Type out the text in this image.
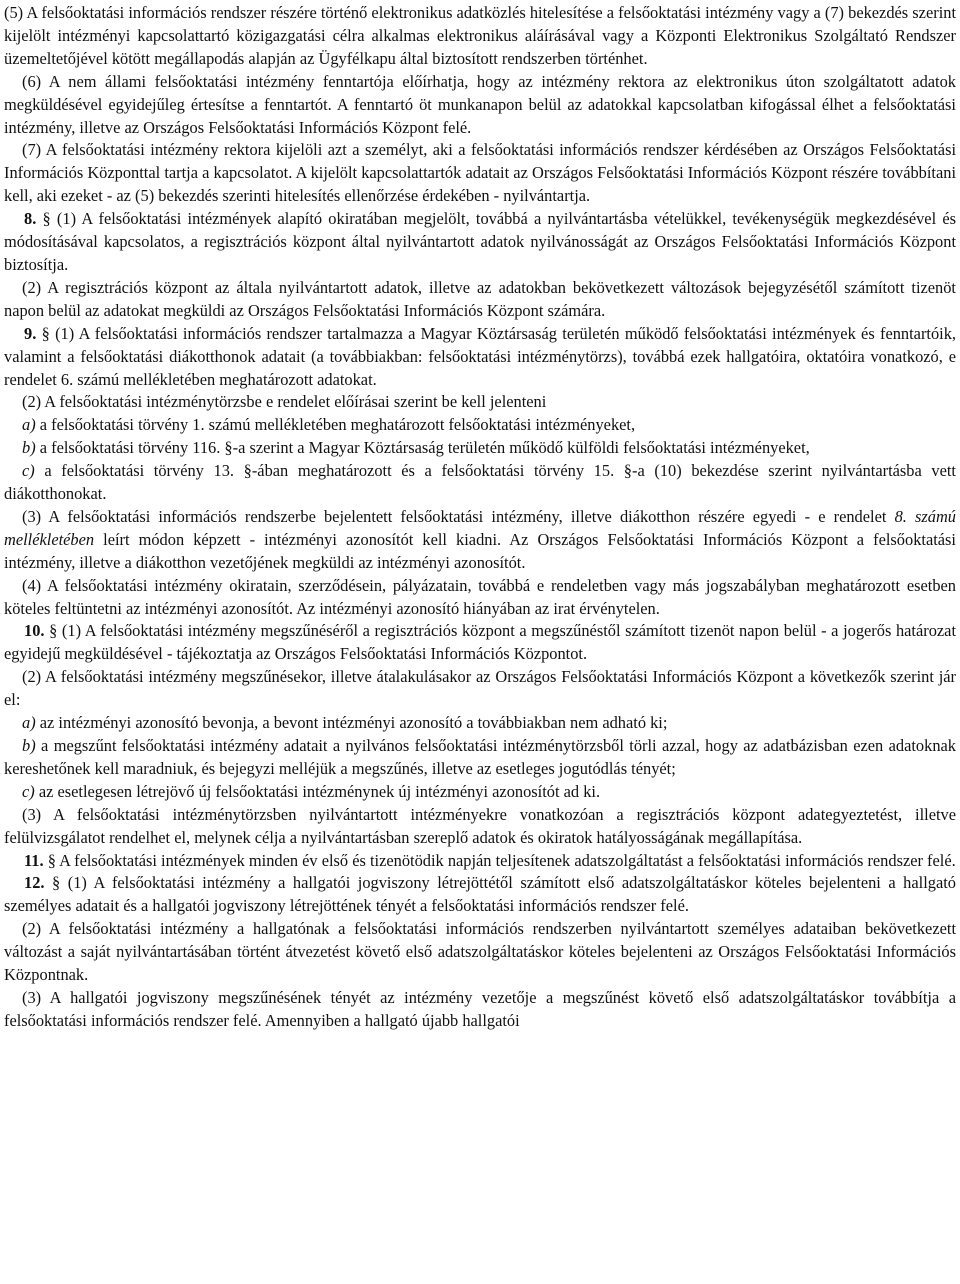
(5) A felsőoktatási információs rendszer részére történő elektronikus adatközlés hitelesítése a felsőoktatási intézmény vagy a (7) bekezdés szerint kijelölt intézményi kapcsolattartó közigazgatási célra alkalmas elektronikus aláírásával vagy a Központi Elektronikus Szolgáltató Rendszer üzemeltetőjével kötött megállapodás alapján az Ügyfélkapu által biztosított rendszerben történhet.

(6) A nem állami felsőoktatási intézmény fenntartója előírhatja, hogy az intézmény rektora az elektronikus úton szolgáltatott adatok megküldésével egyidejűleg értesítse a fenntartót. A fenntartó öt munkanapon belül az adatokkal kapcsolatban kifogással élhet a felsőoktatási intézmény, illetve az Országos Felsőoktatási Információs Központ felé.

(7) A felsőoktatási intézmény rektora kijelöli azt a személyt, aki a felsőoktatási információs rendszer kérdésében az Országos Felsőoktatási Információs Központtal tartja a kapcsolatot. A kijelölt kapcsolattartók adatait az Országos Felsőoktatási Információs Központ részére továbbítani kell, aki ezeket - az (5) bekezdés szerinti hitelesítés ellenőrzése érdekében - nyilvántartja.

8. § (1) A felsőoktatási intézmények alapító okiratában megjelölt, továbbá a nyilvántartásba vételükkel, tevékenységük megkezdésével és módosításával kapcsolatos, a regisztrációs központ által nyilvántartott adatok nyilvánosságát az Országos Felsőoktatási Információs Központ biztosítja.

(2) A regisztrációs központ az általa nyilvántartott adatok, illetve az adatokban bekövetkezett változások bejegyzésétől számított tizenöt napon belül az adatokat megküldi az Országos Felsőoktatási Információs Központ számára.

9. § (1) A felsőoktatási információs rendszer tartalmazza a Magyar Köztársaság területén működő felsőoktatási intézmények és fenntartóik, valamint a felsőoktatási diákotthonok adatait (a továbbiakban: felsőoktatási intézménytörzs), továbbá ezek hallgatóira, oktatóira vonatkozó, e rendelet 6. számú mellékletében meghatározott adatokat.

(2) A felsőoktatási intézménytörzsbe e rendelet előírásai szerint be kell jelenteni

a) a felsőoktatási törvény 1. számú mellékletében meghatározott felsőoktatási intézményeket,

b) a felsőoktatási törvény 116. §-a szerint a Magyar Köztársaság területén működő külföldi felsőoktatási intézményeket,

c) a felsőoktatási törvény 13. §-ában meghatározott és a felsőoktatási törvény 15. §-a (10) bekezdése szerint nyilvántartásba vett diákotthonokat.

(3) A felsőoktatási információs rendszerbe bejelentett felsőoktatási intézmény, illetve diákotthon részére egyedi - e rendelet 8. számú mellékletében leírt módon képzett - intézményi azonosítót kell kiadni. Az Országos Felsőoktatási Információs Központ a felsőoktatási intézmény, illetve a diákotthon vezetőjének megküldi az intézményi azonosítót.

(4) A felsőoktatási intézmény okiratain, szerződésein, pályázatain, továbbá e rendeletben vagy más jogszabályban meghatározott esetben köteles feltüntetni az intézményi azonosítót. Az intézményi azonosító hiányában az irat érvénytelen.

10. § (1) A felsőoktatási intézmény megszűnéséről a regisztrációs központ a megszűnéstől számított tizenöt napon belül - a jogerős határozat egyidejű megküldésével - tájékoztatja az Országos Felsőoktatási Információs Központot.

(2) A felsőoktatási intézmény megszűnésekor, illetve átalakulásakor az Országos Felsőoktatási Információs Központ a következők szerint jár el:

a) az intézményi azonosító bevonja, a bevont intézményi azonosító a továbbiakban nem adható ki;

b) a megszűnt felsőoktatási intézmény adatait a nyilvános felsőoktatási intézménytörzsből törli azzal, hogy az adatbázisban ezen adatoknak kereshetőnek kell maradniuk, és bejegyzi melléjük a megszűnés, illetve az esetleges jogutódlás tényét;

c) az esetlegesen létrejövő új felsőoktatási intézménynek új intézményi azonosítót ad ki.

(3) A felsőoktatási intézménytörzsben nyilvántartott intézményekre vonatkozóan a regisztrációs központ adategyeztetést, illetve felülvizsgálatot rendelhet el, melynek célja a nyilvántartásban szereplő adatok és okiratok hatályosságának megállapítása.

11. § A felsőoktatási intézmények minden év első és tizenötödik napján teljesítenek adatszolgáltatást a felsőoktatási információs rendszer felé.

12. § (1) A felsőoktatási intézmény a hallgatói jogviszony létrejöttétől számított első adatszolgáltatáskor köteles bejelenteni a hallgató személyes adatait és a hallgatói jogviszony létrejöttének tényét a felsőoktatási információs rendszer felé.

(2) A felsőoktatási intézmény a hallgatónak a felsőoktatási információs rendszerben nyilvántartott személyes adataiban bekövetkezett változást a saját nyilvántartásában történt átvezetést követő első adatszolgáltatáskor köteles bejelenteni az Országos Felsőoktatási Információs Központnak.

(3) A hallgatói jogviszony megszűnésének tényét az intézmény vezetője a megszűnést követő első adatszolgáltatáskor továbbítja a felsőoktatási információs rendszer felé. Amennyiben a hallgató újabb hallgatói
